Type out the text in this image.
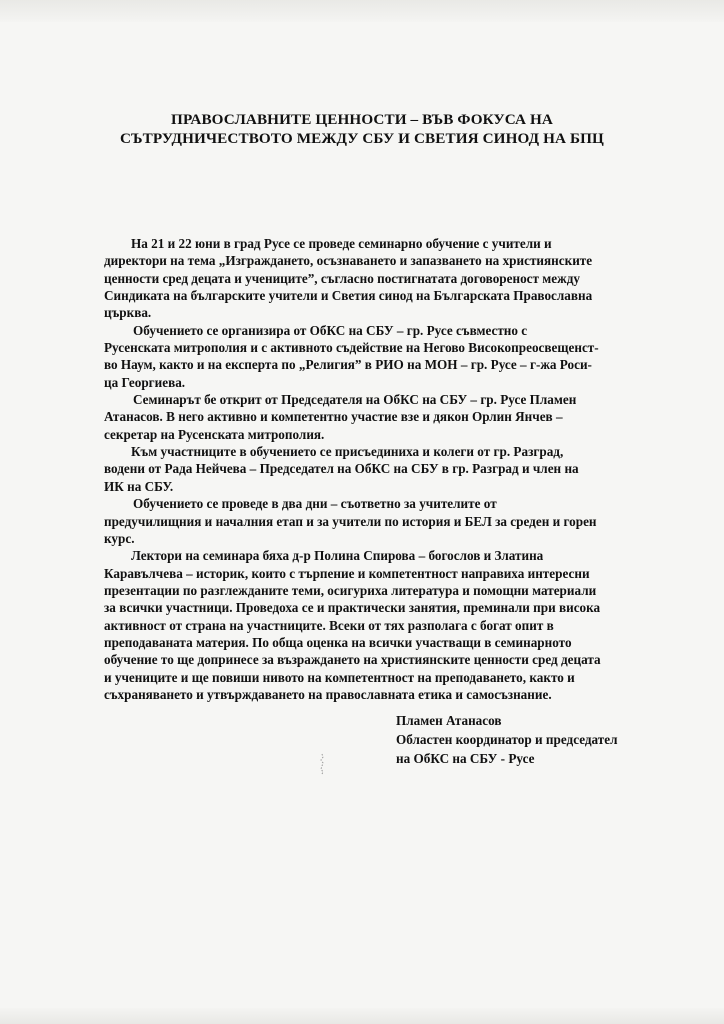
ПРАВОСЛАВНИТЕ ЦЕННОСТИ – ВЪВ ФОКУСА НА
СЪТРУДНИЧЕСТВОТО МЕЖДУ СБУ И СВЕТИЯ СИНОД НА БПЦ
На 21 и 22 юни в град Русе се проведе семинарно обучение с учители и
директори на тема „Изграждането, осъзнаването и запазването на християнските
ценности сред децата и учениците”, съгласно постигнатата договореност между
Синдиката на българските учители и Светия синод на Българската Православна
църква.
Обучението се организира от ОбКС на СБУ – гр. Русе съвместно с
Русенската митрополия и с активното съдействие на Негово Високопреосвещенст-
во Наум, както и на експерта по „Религия” в РИО на МОН – гр. Русе – г-жа Роси-
ца Георгиева.
Семинарът бе открит от Председателя на ОбКС на СБУ – гр. Русе Пламен
Атанасов. В него активно и компетентно участие взе и дякон Орлин Янчев –
секретар на Русенската митрополия.
Към участниците в обучението се присъединиха и колеги от гр. Разград,
водени от Рада Нейчева – Председател на ОбКС на СБУ в гр. Разград и член на
ИК на СБУ.
Обучението се проведе в два дни – съответно за учителите от
предучилищния и началния етап и за учители по история и БЕЛ за среден и горен
курс.
Лектори на семинара бяха д-р Полина Спирова – богослов и Златина
Каравълчева – историк, които с търпение и компетентност направиха интересни
презентации по разглежданите теми, осигуриха литература и помощни материали
за всички участници. Проведоха се и практически занятия, преминали при висока
активност от страна на участниците. Всеки от тях разполага с богат опит в
преподаваната материя. По обща оценка на всички участващи в семинарното
обучение то ще допринесе за възраждането на християнските ценности сред децата
и учениците и ще повиши нивото на компетентност на преподаването, както и
съхраняването и утвърждаването на православната етика и самосъзнание.
Пламен Атанасов
Областен координатор и председател
на ОбКС на СБУ - Русе
